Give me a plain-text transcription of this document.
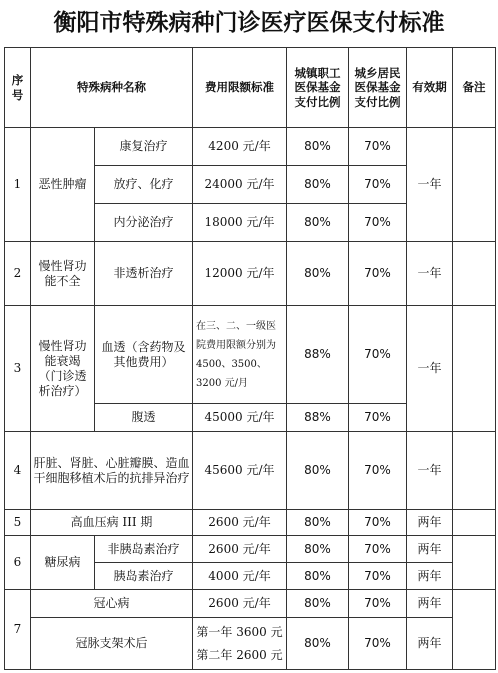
衡阳市特殊病种门诊医疗医保支付标准
序号	特殊病种名称		费用限额标准	城镇职工医保基金支付比例	城乡居民医保基金支付比例	有效期	备注
1	恶性肿瘤	康复治疗	4200 元/年	80%	70%	一年	
		放疗、化疗	24000 元/年	80%	70%		
		内分泌治疗	18000 元/年	80%	70%		
2	慢性肾功能不全	非透析治疗	12000 元/年	80%	70%	一年	
3	慢性肾功能衰竭（门诊透析治疗）	血透（含药物及其他费用）	在三、二、一级医院费用限额分别为 4500、3500、3200 元/月	88%	70%	一年	
		腹透	45000 元/年	88%	70%		
4	肝脏、肾脏、心脏瓣膜、造血干细胞移植术后的抗排异治疗		45600 元/年	80%	70%	一年	
5	高血压病 III 期		2600 元/年	80%	70%	两年	
6	糖尿病	非胰岛素治疗	2600 元/年	80%	70%	两年	
		胰岛素治疗	4000 元/年	80%	70%	两年	
7	冠心病		2600 元/年	80%	70%	两年	
	冠脉支架术后		第一年 3600 元
第二年 2600 元	80%	70%	两年	
